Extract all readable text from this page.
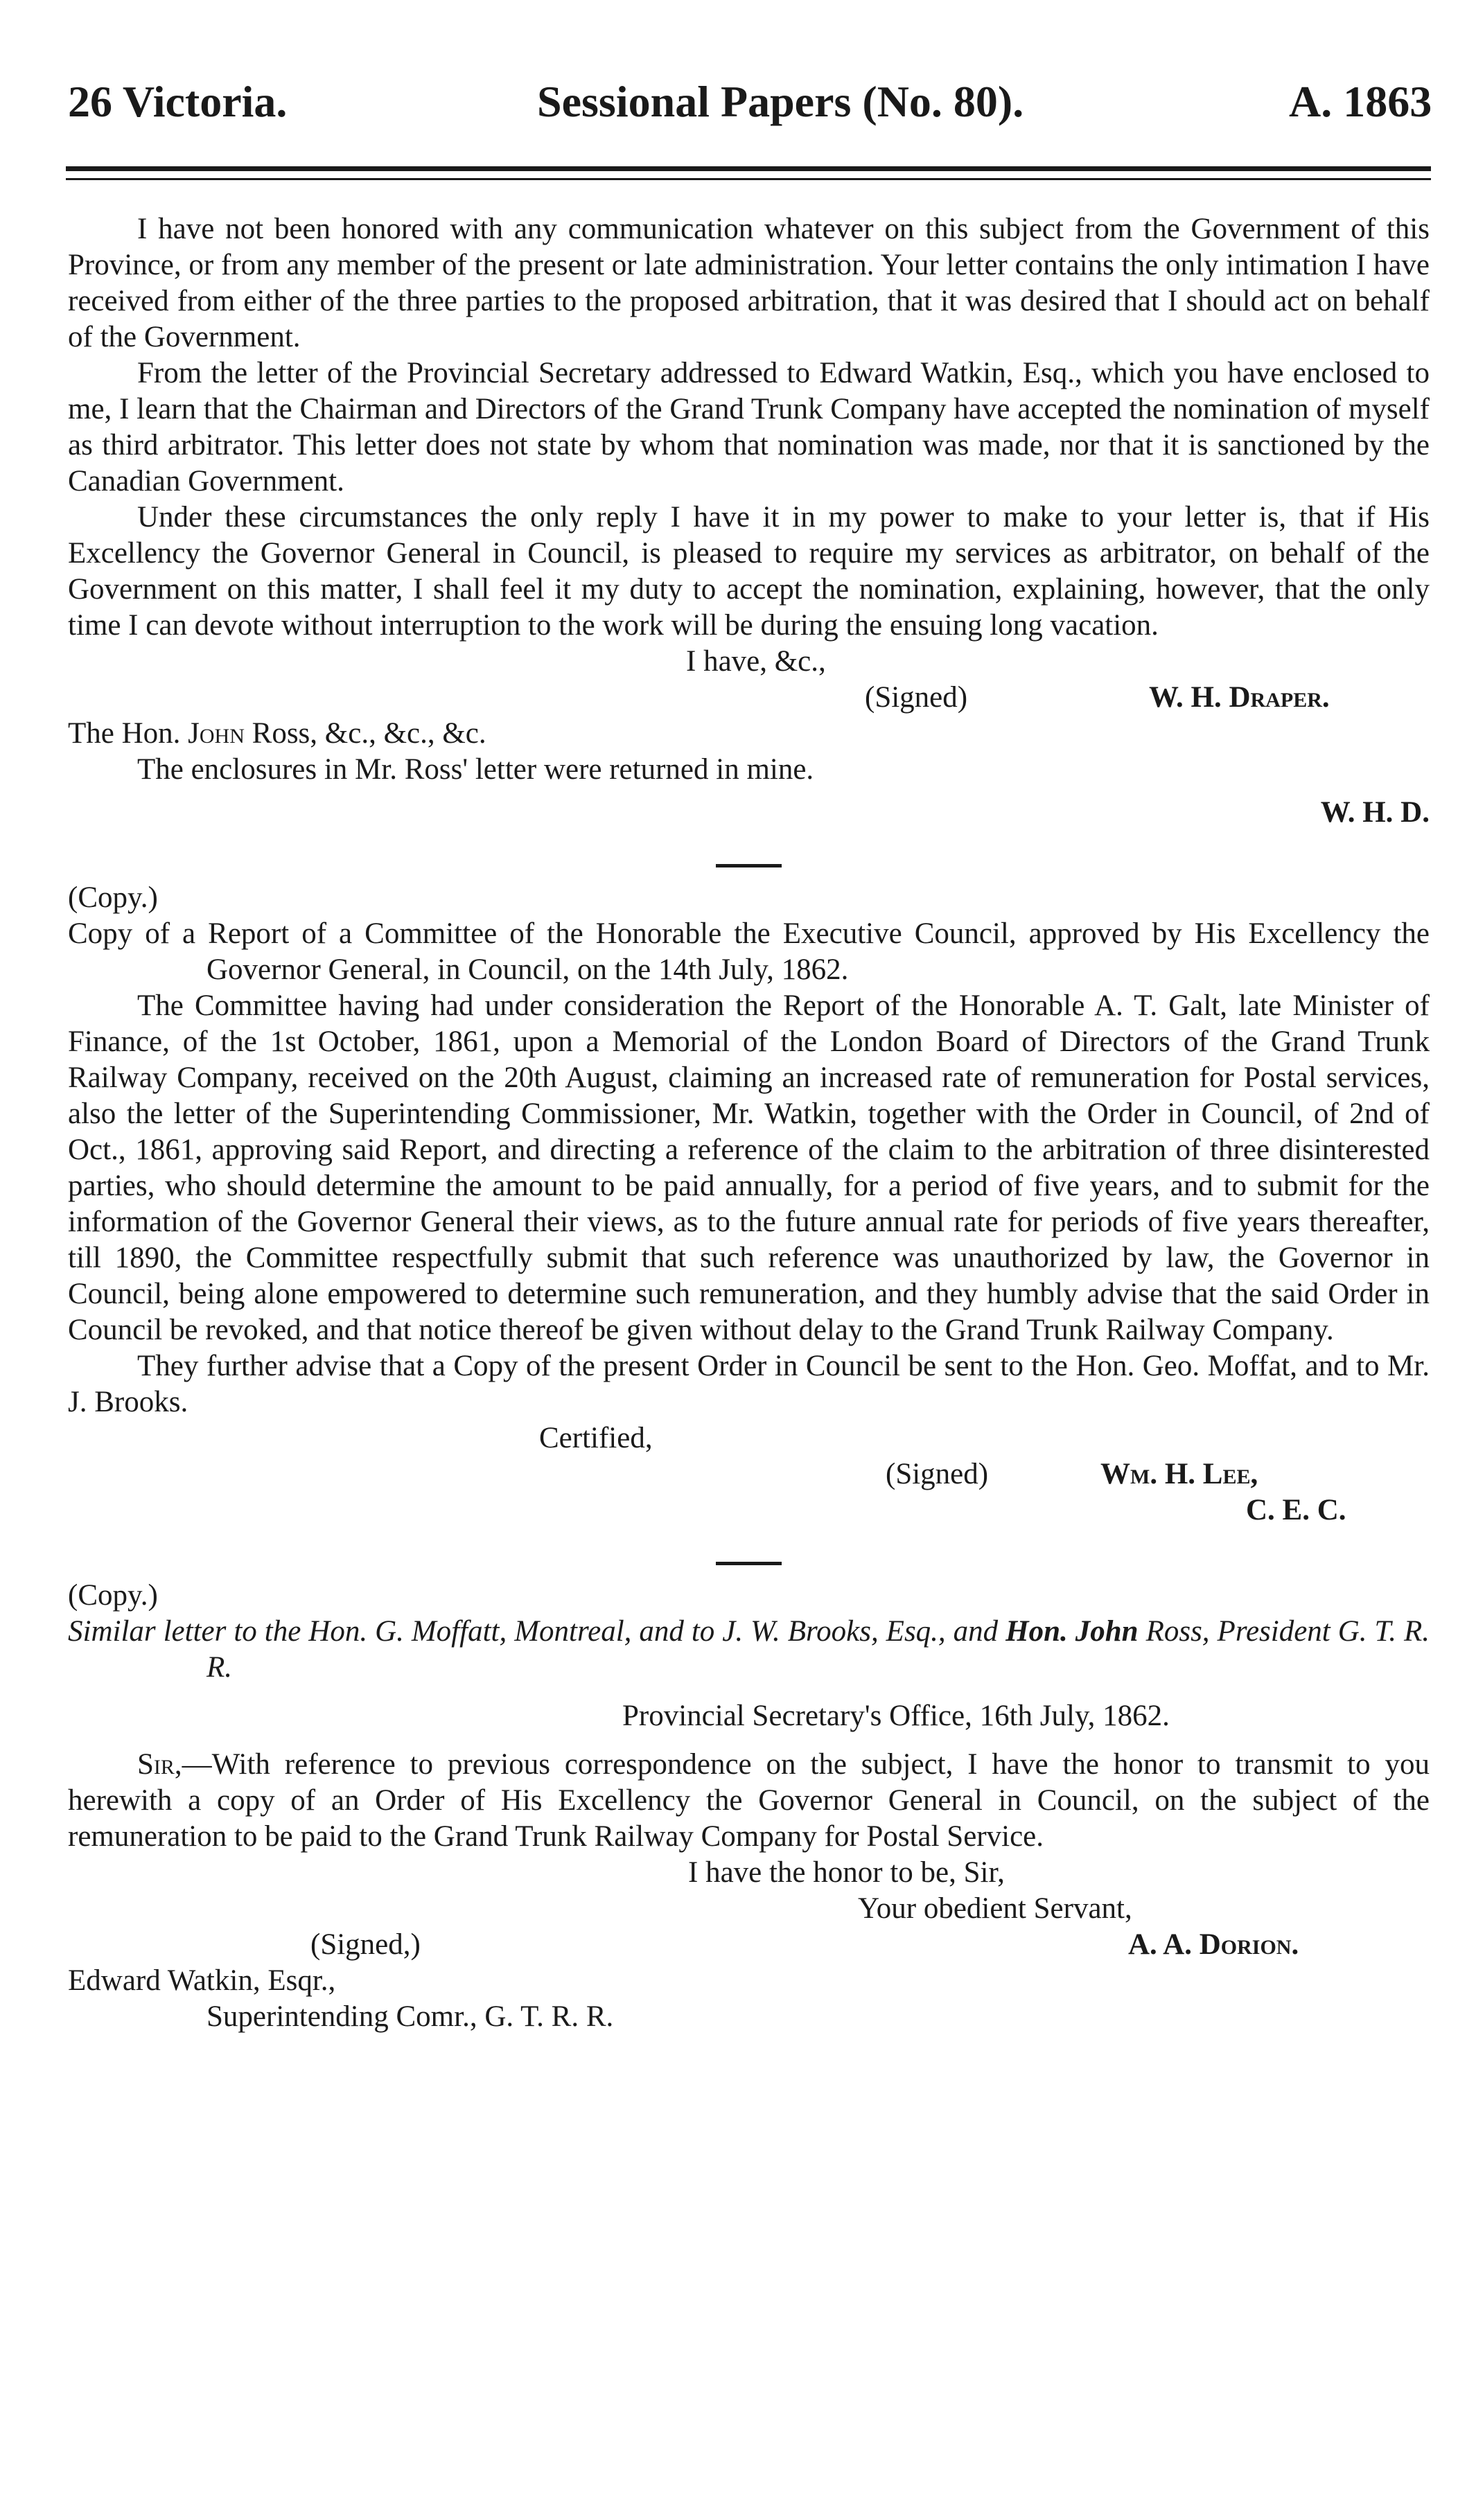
26 Victoria.	Sessional Papers (No. 80).	A. 1863

I have not been honored with any communication whatever on this subject from the Government of this Province, or from any member of the present or late administration. Your letter contains the only intimation I have received from either of the three parties to the proposed arbitration, that it was desired that I should act on behalf of the Government.

From the letter of the Provincial Secretary addressed to Edward Watkin, Esq., which you have enclosed to me, I learn that the Chairman and Directors of the Grand Trunk Company have accepted the nomination of myself as third arbitrator. This letter does not state by whom that nomination was made, nor that it is sanctioned by the Canadian Government.

Under these circumstances the only reply I have it in my power to make to your letter is, that if His Excellency the Governor General in Council, is pleased to require my services as arbitrator, on behalf of the Government on this matter, I shall feel it my duty to accept the nomination, explaining, however, that the only time I can devote without interruption to the work will be during the ensuing long vacation.

I have, &c.,
(Signed)	W. H. Draper.
The Hon. John Ross, &c., &c., &c.

The enclosures in Mr. Ross' letter were returned in mine.

W. H. D.

(Copy.)

Copy of a Report of a Committee of the Honorable the Executive Council, approved by His Excellency the Governor General, in Council, on the 14th July, 1862.

The Committee having had under consideration the Report of the Honorable A. T. Galt, late Minister of Finance, of the 1st October, 1861, upon a Memorial of the London Board of Directors of the Grand Trunk Railway Company, received on the 20th August, claiming an increased rate of remuneration for Postal services, also the letter of the Superintending Commissioner, Mr. Watkin, together with the Order in Council, of 2nd of Oct., 1861, approving said Report, and directing a reference of the claim to the arbitration of three disinterested parties, who should determine the amount to be paid annually, for a period of five years, and to submit for the information of the Governor General their views, as to the future annual rate for periods of five years thereafter, till 1890, the Committee respectfully submit that such reference was unauthorized by law, the Governor in Council, being alone empowered to determine such remuneration, and they humbly advise that the said Order in Council be revoked, and that notice thereof be given without delay to the Grand Trunk Railway Company.

They further advise that a Copy of the present Order in Council be sent to the Hon. Geo. Moffat, and to Mr. J. Brooks.

Certified,
(Signed)	Wm. H. Lee,
C. E. C.

(Copy.)

Similar letter to the Hon. G. Moffatt, Montreal, and to J. W. Brooks, Esq., and Hon. John Ross, President G. T. R. R.

Provincial Secretary's Office, 16th July, 1862.

Sir,—With reference to previous correspondence on the subject, I have the honor to transmit to you herewith a copy of an Order of His Excellency the Governor General in Council, on the subject of the remuneration to be paid to the Grand Trunk Railway Company for Postal Service.

I have the honor to be, Sir,
Your obedient Servant,
(Signed,)	A. A. Dorion.
Edward Watkin, Esqr.,
Superintending Comr., G. T. R. R.
